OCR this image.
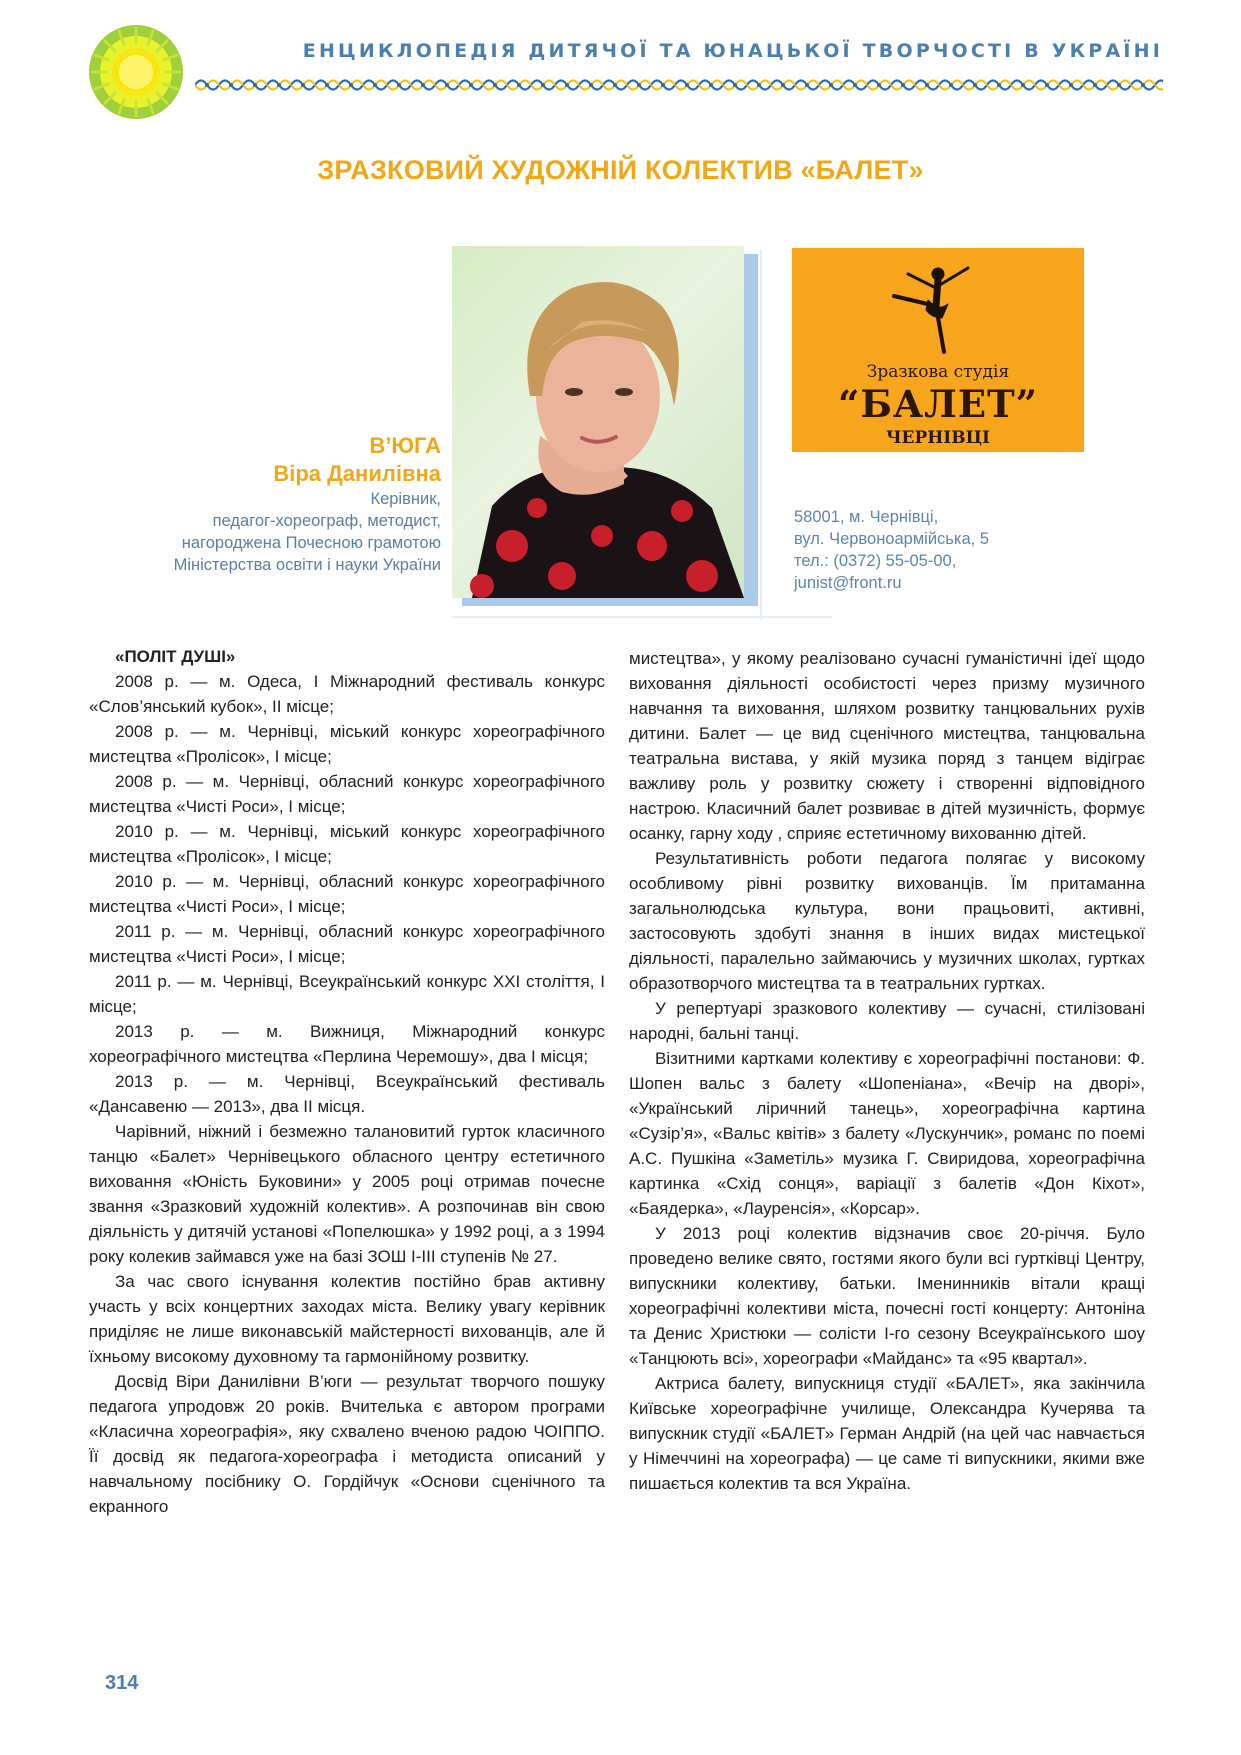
ЕНЦИКЛОПЕДІЯ ДИТЯЧОЇ ТА ЮНАЦЬКОЇ ТВОРЧОСТІ В УКРАЇНІ
ЗРАЗКОВИЙ ХУДОЖНІЙ КОЛЕКТИВ «БАЛЕТ»
В’ЮГА
Віра Данилівна
Керівник,
педагог-хореограф, методист,
нагороджена Почесною грамотою
Міністерства освіти і науки України
Зразкова студія
“БАЛЕТ”
ЧЕРНІВЦІ
58001, м. Чернівці,
вул. Червоноармійська, 5
тел.: (0372) 55-05-00,
junist@front.ru

«ПОЛІТ ДУШІ»

2008 р. — м. Одеса, І Міжнародний фестиваль конкурс «Слов’янський кубок», ІІ місце;

2008 р. — м. Чернівці, міський конкурс хореографічного мистецтва «Пролісок», І місце;

2008 р. — м. Чернівці, обласний конкурс хореографічного мистецтва «Чисті Роси», І місце;

2010 р. — м. Чернівці, міський конкурс хореографічного мистецтва «Пролісок», І місце;

2010 р. — м. Чернівці, обласний конкурс хореографічного мистецтва «Чисті Роси», І місце;

2011 р. — м. Чернівці, обласний конкурс хореографічного мистецтва «Чисті Роси», І місце;

2011 р. — м. Чернівці, Всеукраїнський конкурс ХХІ століття, І місце;

2013 р. — м. Вижниця, Міжнародний конкурс хореографічного мистецтва «Перлина Черемошу», два І місця;

2013 р. — м. Чернівці, Всеукраїнський фестиваль «Дансавеню — 2013», два ІІ місця.

Чарівний, ніжний і безмежно талановитий гурток класичного танцю «Балет» Чернівецького обласного центру естетичного виховання «Юність Буковини» у 2005 році отримав почесне звання «Зразковий художній колектив». А розпочинав він свою діяльність у дитячій установі «Попелюшка» у 1992 році, а з 1994 року колекив займався уже на базі ЗОШ І-ІІІ ступенів № 27.

За час свого існування колектив постійно брав активну участь у всіх концертних заходах міста. Велику увагу керівник приділяє не лише виконавській майстерності вихованців, але й їхньому високому духовному та гармонійному розвитку.

Досвід Віри Данилівни В’юги — результат творчого пошуку педагога упродовж 20 років. Вчителька є автором програми «Класична хореографія», яку схвалено вченою радою ЧОІППО. Її досвід як педагога-хореографа і методиста описаний у навчальному посібнику О. Гордійчук «Основи сценічного та екранного

мистецтва», у якому реалізовано сучасні гуманістичні ідеї щодо виховання діяльності особистості через призму музичного навчання та виховання, шляхом розвитку танцювальних рухів дитини. Балет — це вид сценічного мистецтва, танцювальна театральна вистава, у якій музика поряд з танцем відіграє важливу роль у розвитку сюжету і створенні відповідного настрою. Класичний балет розвиває в дітей музичність, формує осанку, гарну ходу , сприяє естетичному вихованню дітей.

Результативність роботи педагога полягає у високому особливому рівні розвитку вихованців. Їм притаманна загальнолюдська культура, вони працьовиті, активні, застосовують здобуті знання в інших видах мистецької діяльності, паралельно займаючись у музичних школах, гуртках образотворчого мистецтва та в театральних гуртках.

У репертуарі зразкового колективу — сучасні, стилізовані народні, бальні танці.

Візитними картками колективу є хореографічні постанови: Ф. Шопен вальс з балету «Шопеніана», «Вечір на дворі», «Український ліричний танець», хореографічна картина «Сузір’я», «Вальс квітів» з балету «Лускунчик», романс по поемі А.С. Пушкіна «Заметіль» музика Г. Свиридова, хореографічна картинка «Схід сонця», варіації з балетів «Дон Кіхот», «Баядерка», «Лауренсія», «Корсар».

У 2013 році колектив відзначив своє 20-річчя. Було проведено велике свято, гостями якого були всі гуртківці Центру, випускники колективу, батьки. Іменинників вітали кращі хореографічні колективи міста, почесні гості концерту: Антоніна та Денис Христюки — солісти І-го сезону Всеукраїнського шоу «Танцюють всі», хореографи «Майданс» та «95 квартал».

Актриса балету, випускниця студії «БАЛЕТ», яка закінчила Київське хореографічне училище, Олександра Кучерява та випускник студії «БАЛЕТ» Герман Андрій (на цей час навчається у Німеччині на хореографа) — це саме ті випускники, якими вже пишається колектив та вся Україна.

314
